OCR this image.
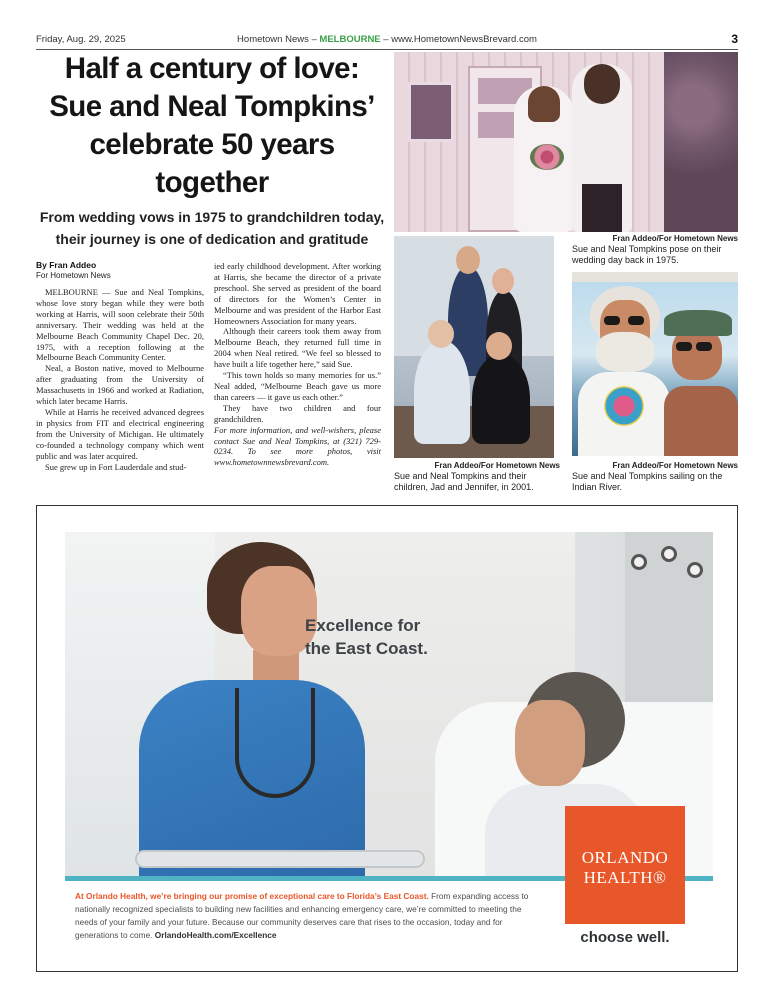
Friday, Aug. 29, 2025	Hometown News – MELBOURNE – www.HometownNewsBrevard.com	3
Half a century of love:
Sue and Neal Tompkins’
celebrate 50 years
together
From wedding vows in 1975 to grandchildren today,
their journey is one of dedication and gratitude
By Fran Addeo
For Hometown News

MELBOURNE — Sue and Neal Tompkins, whose love story began while they were both working at Harris, will soon celebrate their 50th anniversary. Their wedding was held at the Melbourne Beach Community Chapel Dec. 20, 1975, with a reception following at the Melbourne Beach Community Center.

Neal, a Boston native, moved to Melbourne after graduating from the University of Massachusetts in 1966 and worked at Radiation, which later became Harris.

While at Harris he received advanced degrees in physics from FIT and electrical engineering from the University of Michigan. He ultimately co-founded a technology company which went public and was later acquired.

Sue grew up in Fort Lauderdale and stud-

ied early childhood development. After working at Harris, she became the director of a private preschool. She served as president of the board of directors for the Women’s Center in Melbourne and was president of the Harbor East Homeowners Association for many years.

Although their careers took them away from Melbourne Beach, they returned full time in 2004 when Neal retired. “We feel so blessed to have built a life together here,” said Sue.

“This town holds so many memories for us.” Neal added, “Melbourne Beach gave us more than careers — it gave us each other.”

They have two children and four grandchildren.

For more information, and well-wishers, please contact Sue and Neal Tompkins, at (321) 729-0234. To see more photos, visit www.hometownnewsbrevard.com.

Fran Addeo/For Hometown News
Sue and Neal Tompkins pose on their wedding day back in 1975.
Fran Addeo/For Hometown News
Sue and Neal Tompkins and their children, Jad and Jennifer, in 2001.
Fran Addeo/For Hometown News
Sue and Neal Tompkins sailing on the Indian River.
Excellence for
the East Coast.
ORLANDO
HEALTH®
choose well.
At Orlando Health, we’re bringing our promise of exceptional care to Florida’s East Coast. From expanding access to nationally recognized specialists to building new facilities and enhancing emergency care, we’re committed to meeting the needs of your family and your future. Because our community deserves care that rises to the occasion, today and for generations to come. OrlandoHealth.com/Excellence
